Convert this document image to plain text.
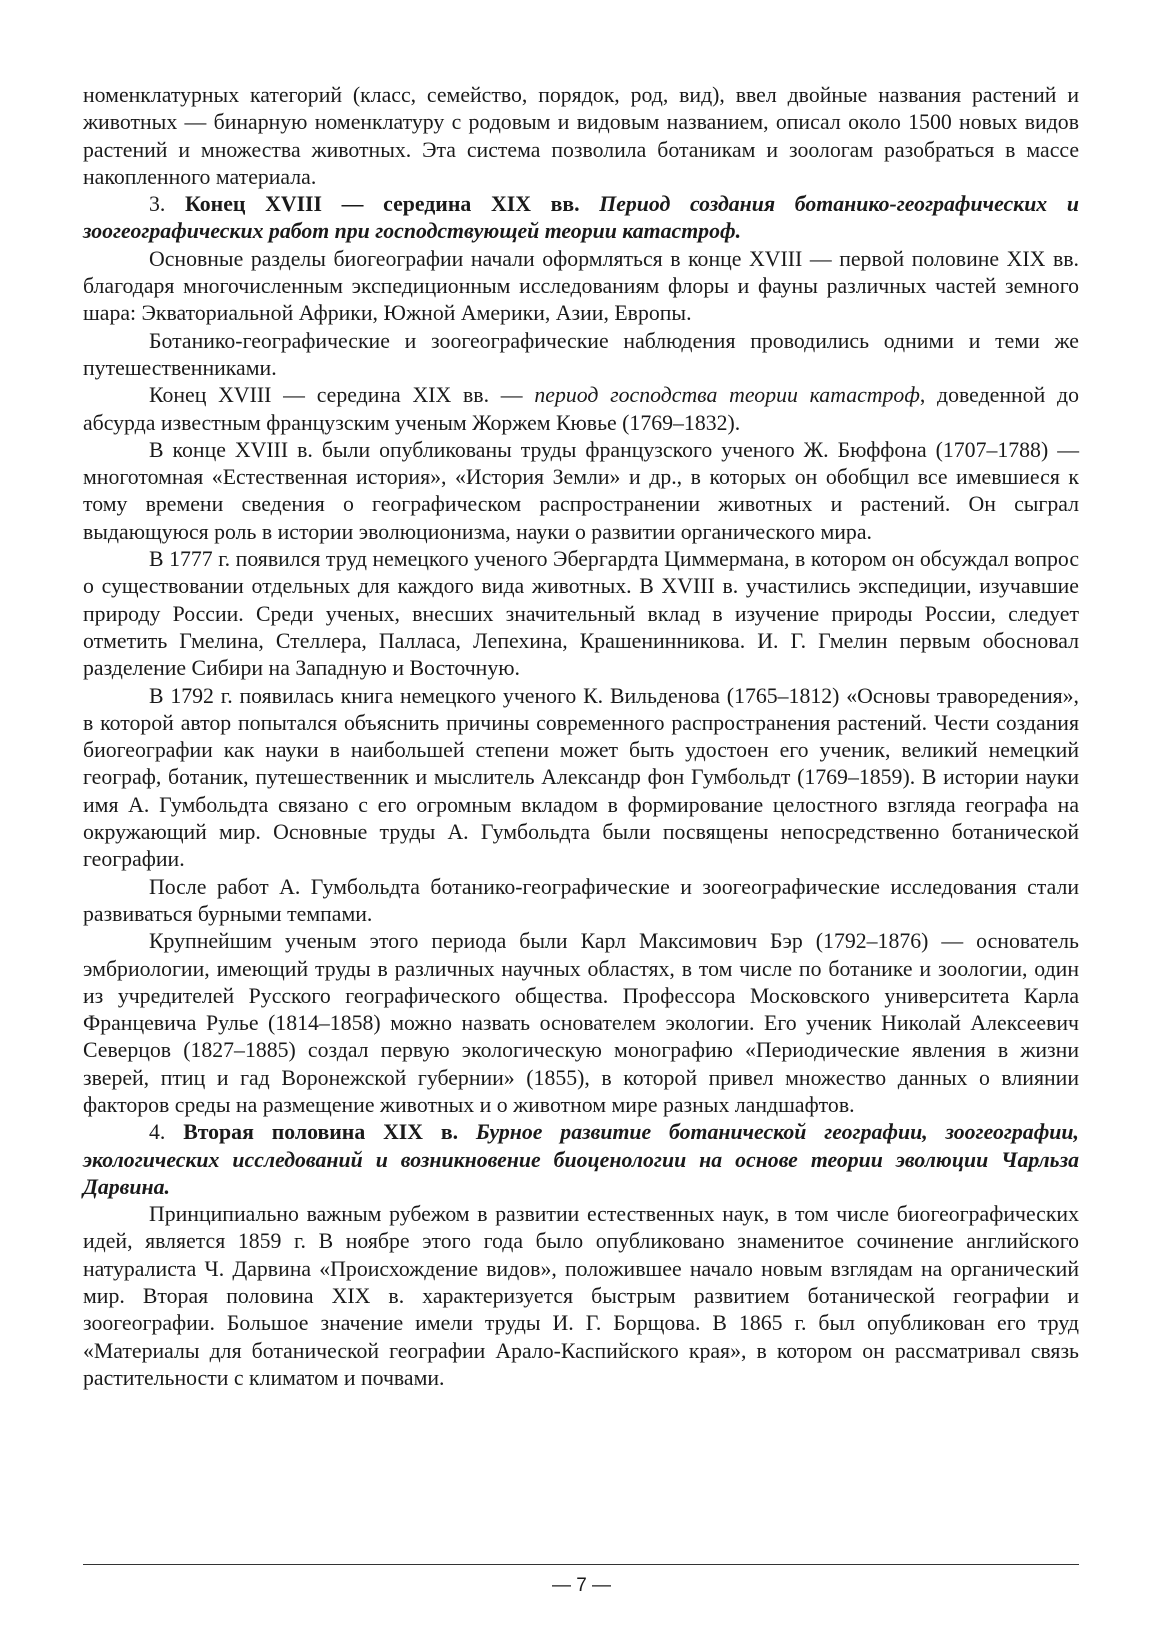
номенклатурных категорий (класс, семейство, порядок, род, вид), ввел двойные названия растений и животных — бинарную номенклатуру с родовым и видовым названием, описал около 1500 новых видов растений и множества животных. Эта система позволила ботаникам и зоологам разобраться в массе накопленного материала.

3. Конец XVIII — середина XIX вв. Период создания ботанико-географических и зоогеографических работ при господствующей теории катастроф.

Основные разделы биогеографии начали оформляться в конце XVIII — первой половине XIX вв. благодаря многочисленным экспедиционным исследованиям флоры и фауны различных частей земного шара: Экваториальной Африки, Южной Америки, Азии, Европы.

Ботанико-географические и зоогеографические наблюдения проводились одними и теми же путешественниками.

Конец XVIII — середина XIX вв. — период господства теории катастроф, доведенной до абсурда известным французским ученым Жоржем Кювье (1769–1832).

В конце XVIII в. были опубликованы труды французского ученого Ж. Бюффона (1707–1788) — многотомная «Естественная история», «История Земли» и др., в которых он обобщил все имевшиеся к тому времени сведения о географическом распространении животных и растений. Он сыграл выдающуюся роль в истории эволюционизма, науки о развитии органического мира.

В 1777 г. появился труд немецкого ученого Эбергардта Циммермана, в котором он обсуждал вопрос о существовании отдельных для каждого вида животных. В XVIII в. участились экспедиции, изучавшие природу России. Среди ученых, внесших значительный вклад в изучение природы России, следует отметить Гмелина, Стеллера, Палласа, Лепехина, Крашенинникова. И. Г. Гмелин первым обосновал разделение Сибири на Западную и Восточную.

В 1792 г. появилась книга немецкого ученого К. Вильденова (1765–1812) «Основы траворедения», в которой автор попытался объяснить причины современного распространения растений. Чести создания биогеографии как науки в наибольшей степени может быть удостоен его ученик, великий немецкий географ, ботаник, путешественник и мыслитель Александр фон Гумбольдт (1769–1859). В истории науки имя А. Гумбольдта связано с его огромным вкладом в формирование целостного взгляда географа на окружающий мир. Основные труды А. Гумбольдта были посвящены непосредственно ботанической географии.

После работ А. Гумбольдта ботанико-географические и зоогеографические исследования стали развиваться бурными темпами.

Крупнейшим ученым этого периода были Карл Максимович Бэр (1792–1876) — основатель эмбриологии, имеющий труды в различных научных областях, в том числе по ботанике и зоологии, один из учредителей Русского географического общества. Профессора Московского университета Карла Францевича Рулье (1814–1858) можно назвать основателем экологии. Его ученик Николай Алексеевич Северцов (1827–1885) создал первую экологическую монографию «Периодические явления в жизни зверей, птиц и гад Воронежской губернии» (1855), в которой привел множество данных о влиянии факторов среды на размещение животных и о животном мире разных ландшафтов.

4. Вторая половина XIX в. Бурное развитие ботанической географии, зоогеографии, экологических исследований и возникновение биоценологии на основе теории эволюции Чарльза Дарвина.

Принципиально важным рубежом в развитии естественных наук, в том числе биогеографических идей, является 1859 г. В ноябре этого года было опубликовано знаменитое сочинение английского натуралиста Ч. Дарвина «Происхождение видов», положившее начало новым взглядам на органический мир. Вторая половина XIX в. характеризуется быстрым развитием ботанической географии и зоогеографии. Большое значение имели труды И. Г. Борщова. В 1865 г. был опубликован его труд «Материалы для ботанической географии Арало-Каспийского края», в котором он рассматривал связь растительности с климатом и почвами.

— 7 —
